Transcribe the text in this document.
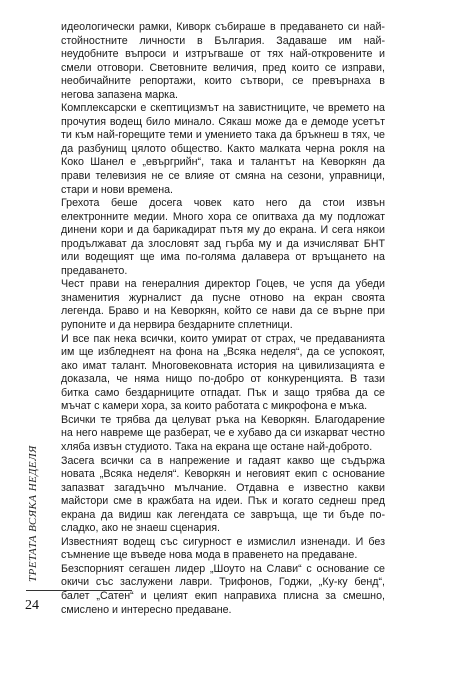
идеологически рамки, Киворк събираше в предаването си най-стойностните личности в България. Задаваше им най-неудобните въпроси и изтръгваше от тях най-откровените и смели отговори. Световните величия, пред които се изправи, необичайните репортажи, които сътвори, се превърнаха в негова запазена марка.

Комплексарски е скептицизмът на завистниците, че времето на прочутия водещ било минало. Сякаш може да е демоде усетът ти към най-горещите теми и умението така да бръкнеш в тях, че да разбунищ цялото общество. Както малката черна рокля на Коко Шанел е „евъргрийн“, така и талантът на Кеворкян да прави телевизия не се влияе от смяна на сезони, управници, стари и нови времена.

Грехота беше досега човек като него да стои извън електронните медии. Много хора се опитваха да му подложат динени кори и да барикадират пътя му до екрана. И сега някои продължават да злословят зад гърба му и да изчисляват БНТ или водещият ще има по-голяма далавера от връщането на предаването.

Чест прави на генералния директор Гоцев, че успя да убеди знаменития журналист да пусне отново на екран своята легенда. Браво и на Кеворкян, който се нави да се върне при рупоните и да нервира бездарните сплетници.

И все пак нека всички, които умират от страх, че предаванията им ще избледнеят на фона на „Всяка неделя“, да се успокоят, ако имат талант. Многовековната история на цивилизацията е доказала, че няма нищо по-добро от конкуренцията. В тази битка само бездарниците отпадат. Пък и защо трябва да се мъчат с камери хора, за които работата с микрофона е мъка.

Всички те трябва да целуват ръка на Кеворкян. Благодарение на него навреме ще разберат, че е хубаво да си изкарват честно хляба извън студиото. Така на екрана ще остане най-доброто.

Засега всички са в напрежение и гадаят какво ще съдържа новата „Всяка неделя“. Кеворкян и неговият екип с основание запазват загадъчно мълчание. Отдавна е известно какви майстори сме в кражбата на идеи. Пък и когато седнеш пред екрана да видиш как легендата се завръща, ще ти бъде по-сладко, ако не знаеш сценария.

Известният водещ със сигурност е измислил изненади. И без съмнение ще въведе нова мода в правенето на предаване.

Безспорният сегашен лидер „Шоуто на Слави“ с основание се окичи със заслужени лаври. Трифонов, Годжи, „Ку-ку бенд“, балет „Сатен“ и целият екип направиха плисна за смешно, смислено и интересно предаване.

ТРЕТАТА ВСЯКА НЕДЕЛЯ
24
